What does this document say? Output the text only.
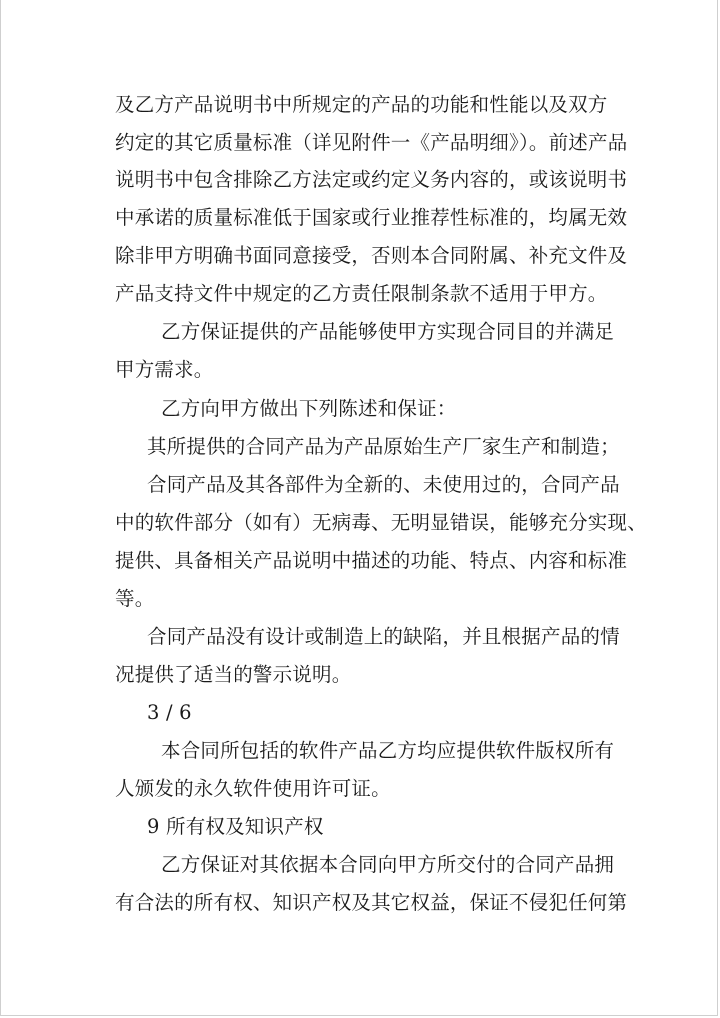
及乙方产品说明书中所规定的产品的功能和性能以及双方
约定的其它质量标准（详见附件一《产品明细》）。前述产品
说明书中包含排除乙方法定或约定义务内容的，或该说明书
中承诺的质量标准低于国家或行业推荐性标准的，均属无效
除非甲方明确书面同意接受，否则本合同附属、补充文件及
产品支持文件中规定的乙方责任限制条款不适用于甲方。
乙方保证提供的产品能够使甲方实现合同目的并满足
甲方需求。
乙方向甲方做出下列陈述和保证：
其所提供的合同产品为产品原始生产厂家生产和制造；
合同产品及其各部件为全新的、未使用过的，合同产品
中的软件部分（如有）无病毒、无明显错误，能够充分实现、
提供、具备相关产品说明中描述的功能、特点、内容和标准
等。
合同产品没有设计或制造上的缺陷，并且根据产品的情
况提供了适当的警示说明。
3 / 6
本合同所包括的软件产品乙方均应提供软件版权所有
人颁发的永久软件使用许可证。
9 所有权及知识产权
乙方保证对其依据本合同向甲方所交付的合同产品拥
有合法的所有权、知识产权及其它权益，保证不侵犯任何第
